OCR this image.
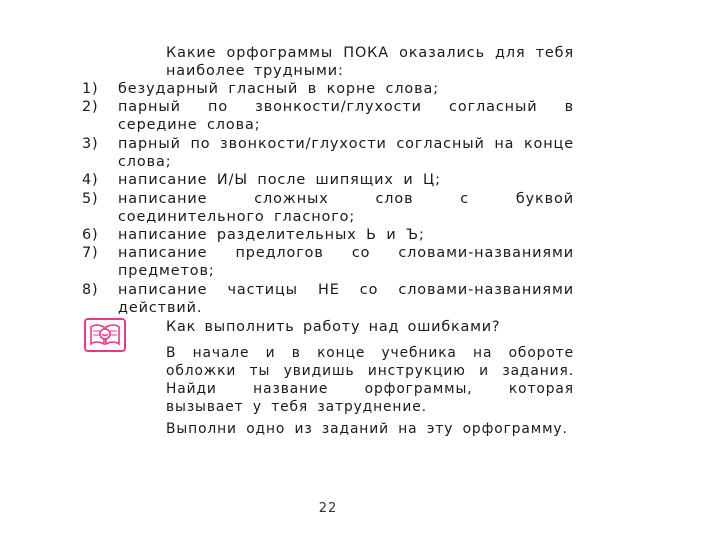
Какие орфограммы ПОКА оказались для тебя наиболее трудными:
1)	безударный гласный в корне слова;
2)	парный по звонкости/глухости согласный в середине слова;
3)	парный по звонкости/глухости согласный на конце слова;
4)	написание И/Ы после шипящих и Ц;
5)	написание сложных слов с буквой соединительного гласного;
6)	написание разделительных Ь и Ъ;
7)	написание предлогов со словами-названиями предметов;
8)	написание частицы НЕ со словами-названиями действий.
Как выполнить работу над ошибками?

В начале и в конце учебника на обороте обложки ты увидишь инструкцию и задания. Найди название орфограммы, которая вызывает у тебя затруднение.

Выполни одно из заданий на эту орфограмму.

22
